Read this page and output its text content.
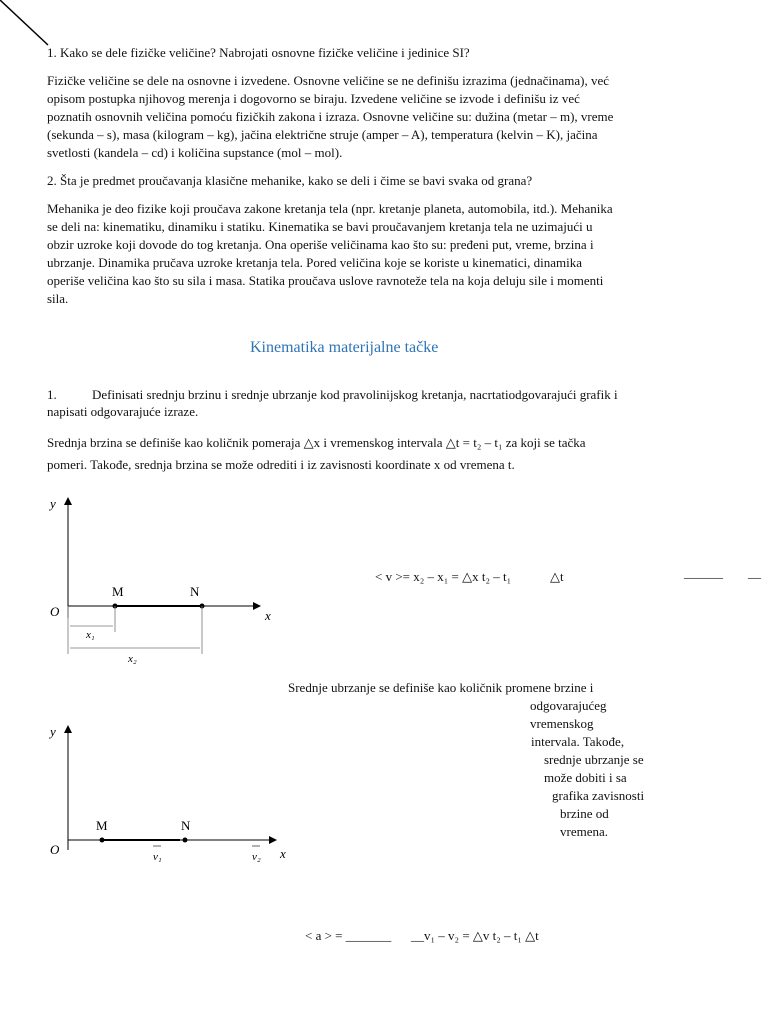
1. Kako se dele fizičke veličine? Nabrojati osnovne fizičke veličine i jedinice SI?
Fizičke veličine se dele na osnovne i izvedene. Osnovne veličine se ne definišu izrazima (jednačinama), već
opisom postupka njihovog merenja i dogovorno se biraju. Izvedene veličine se izvode i definišu iz već
poznatih osnovnih veličina pomoću fizičkih zakona i izraza. Osnovne veličine su: dužina (metar – m), vreme
(sekunda – s), masa (kilogram – kg), jačina električne struje (amper – A), temperatura (kelvin – K), jačina
svetlosti (kandela – cd) i količina supstance (mol – mol).
2. Šta je predmet proučavanja klasične mehanike, kako se deli i čime se bavi svaka od grana?
Mehanika je deo fizike koji proučava zakone kretanja tela (npr. kretanje planeta, automobila, itd.). Mehanika
se deli na: kinematiku, dinamiku i statiku. Kinematika se bavi proučavanjem kretanja tela ne uzimajući u
obzir uzroke koji dovode do tog kretanja. Ona operiše veličinama kao što su: pređeni put, vreme, brzina i
ubrzanje. Dinamika pručava uzroke kretanja tela. Pored veličina koje se koriste u kinematici, dinamika
operiše veličina kao što su sila i masa. Statika proučava uslove ravnoteže tela na koja deluju sile i momenti
sila.
Kinematika materijalne tačke
1.	Definisati srednju brzinu i srednje ubrzanje kod pravolinijskog kretanja, nacrtatiodgovarajući grafik i
napisati odgovarajuće izraze.
Srednja brzina se definiše kao količnik pomeraja △x i vremenskog intervala △t = t₂ – t₁ za koji se tačka
pomeri. Takođe, srednja brzina se može odrediti i iz zavisnosti koordinate x od vremena t.
y
O	x
M	N
x₁
x₂
< v >= x₂ – x₁ = △x t₂ – t₁	△t	______ __
Srednje ubrzanje se definiše kao količnik promene brzine i
odgovarajućeg
vremenskog
intervala. Takođe,
srednje ubrzanje se
može dobiti i sa
grafika zavisnosti
brzine od
vremena.
y
O	x
M	N
v₁	v₂
< a > = _______ __v₁ – v₂ = △v t₂ – t₁ △t
